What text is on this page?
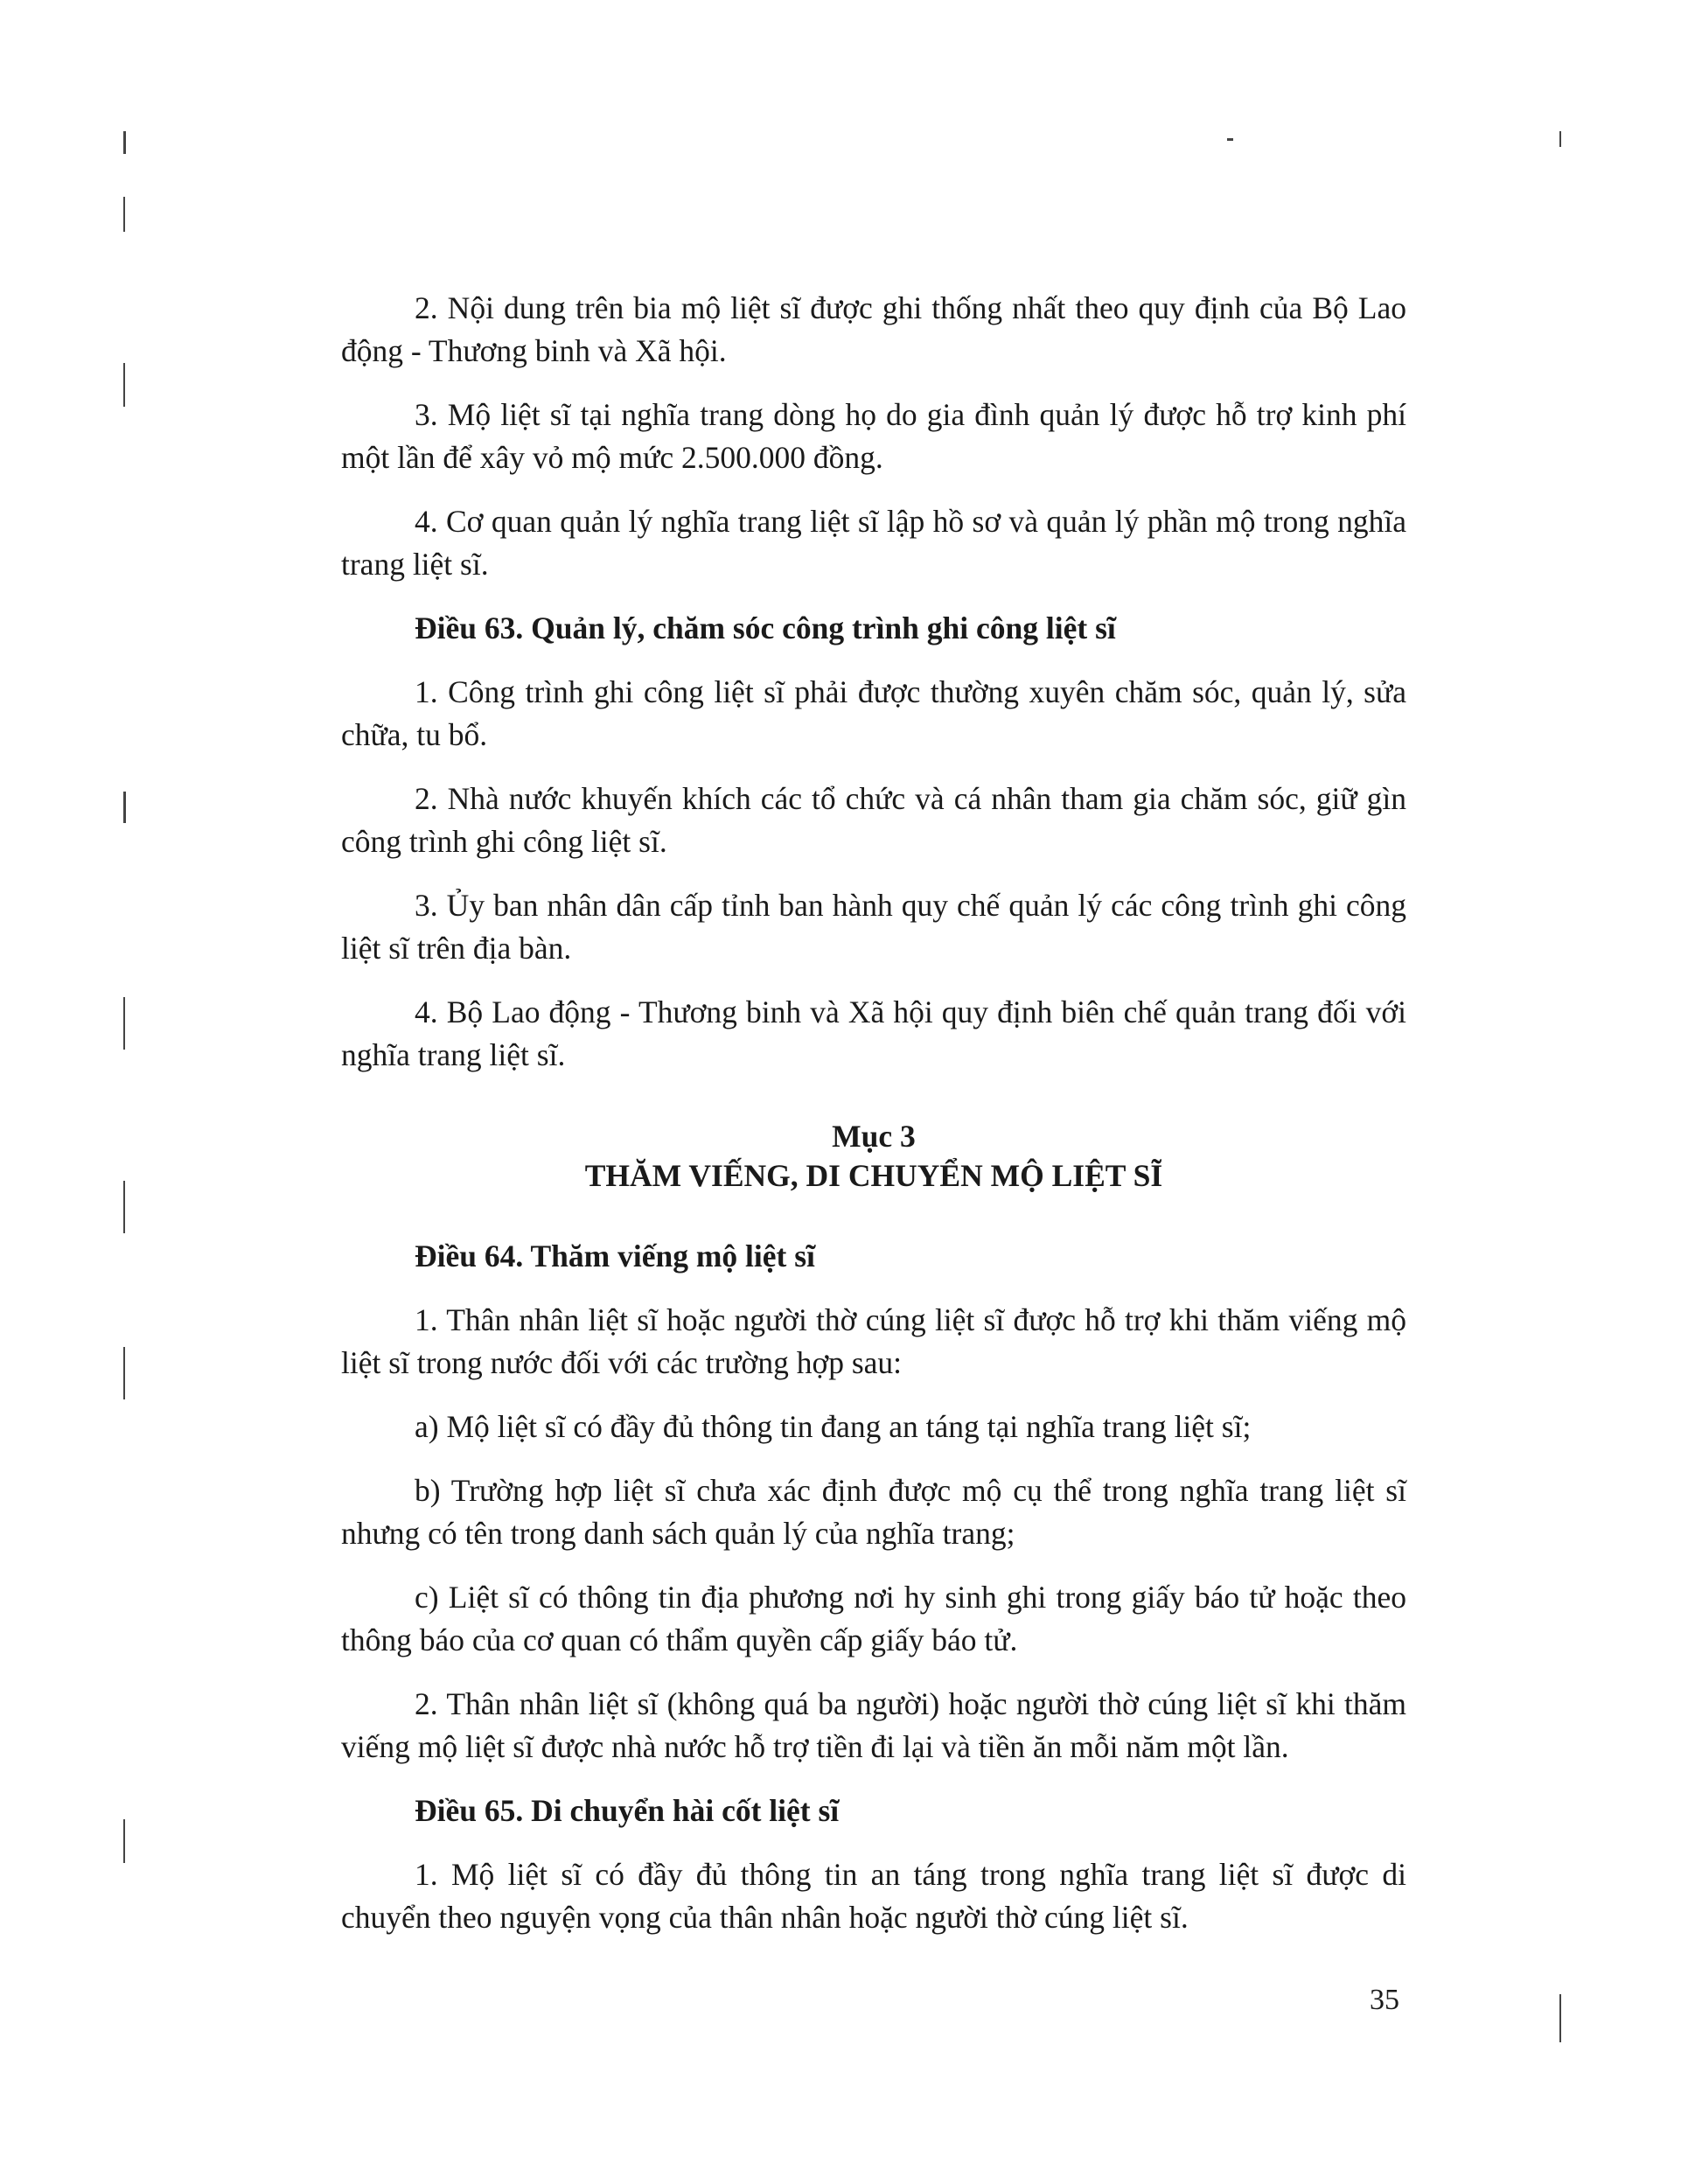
2. Nội dung trên bia mộ liệt sĩ được ghi thống nhất theo quy định của Bộ Lao động - Thương binh và Xã hội.

3. Mộ liệt sĩ tại nghĩa trang dòng họ do gia đình quản lý được hỗ trợ kinh phí một lần để xây vỏ mộ mức 2.500.000 đồng.

4. Cơ quan quản lý nghĩa trang liệt sĩ lập hồ sơ và quản lý phần mộ trong nghĩa trang liệt sĩ.

Điều 63. Quản lý, chăm sóc công trình ghi công liệt sĩ

1. Công trình ghi công liệt sĩ phải được thường xuyên chăm sóc, quản lý, sửa chữa, tu bổ.

2. Nhà nước khuyến khích các tổ chức và cá nhân tham gia chăm sóc, giữ gìn công trình ghi công liệt sĩ.

3. Ủy ban nhân dân cấp tỉnh ban hành quy chế quản lý các công trình ghi công liệt sĩ trên địa bàn.

4. Bộ Lao động - Thương binh và Xã hội quy định biên chế quản trang đối với nghĩa trang liệt sĩ.

Mục 3
THĂM VIẾNG, DI CHUYỂN MỘ LIỆT SĨ

Điều 64. Thăm viếng mộ liệt sĩ

1. Thân nhân liệt sĩ hoặc người thờ cúng liệt sĩ được hỗ trợ khi thăm viếng mộ liệt sĩ trong nước đối với các trường hợp sau:

a) Mộ liệt sĩ có đầy đủ thông tin đang an táng tại nghĩa trang liệt sĩ;

b) Trường hợp liệt sĩ chưa xác định được mộ cụ thể trong nghĩa trang liệt sĩ nhưng có tên trong danh sách quản lý của nghĩa trang;

c) Liệt sĩ có thông tin địa phương nơi hy sinh ghi trong giấy báo tử hoặc theo thông báo của cơ quan có thẩm quyền cấp giấy báo tử.

2. Thân nhân liệt sĩ (không quá ba người) hoặc người thờ cúng liệt sĩ khi thăm viếng mộ liệt sĩ được nhà nước hỗ trợ tiền đi lại và tiền ăn mỗi năm một lần.

Điều 65. Di chuyển hài cốt liệt sĩ

1. Mộ liệt sĩ có đầy đủ thông tin an táng trong nghĩa trang liệt sĩ được di chuyển theo nguyện vọng của thân nhân hoặc người thờ cúng liệt sĩ.

35
